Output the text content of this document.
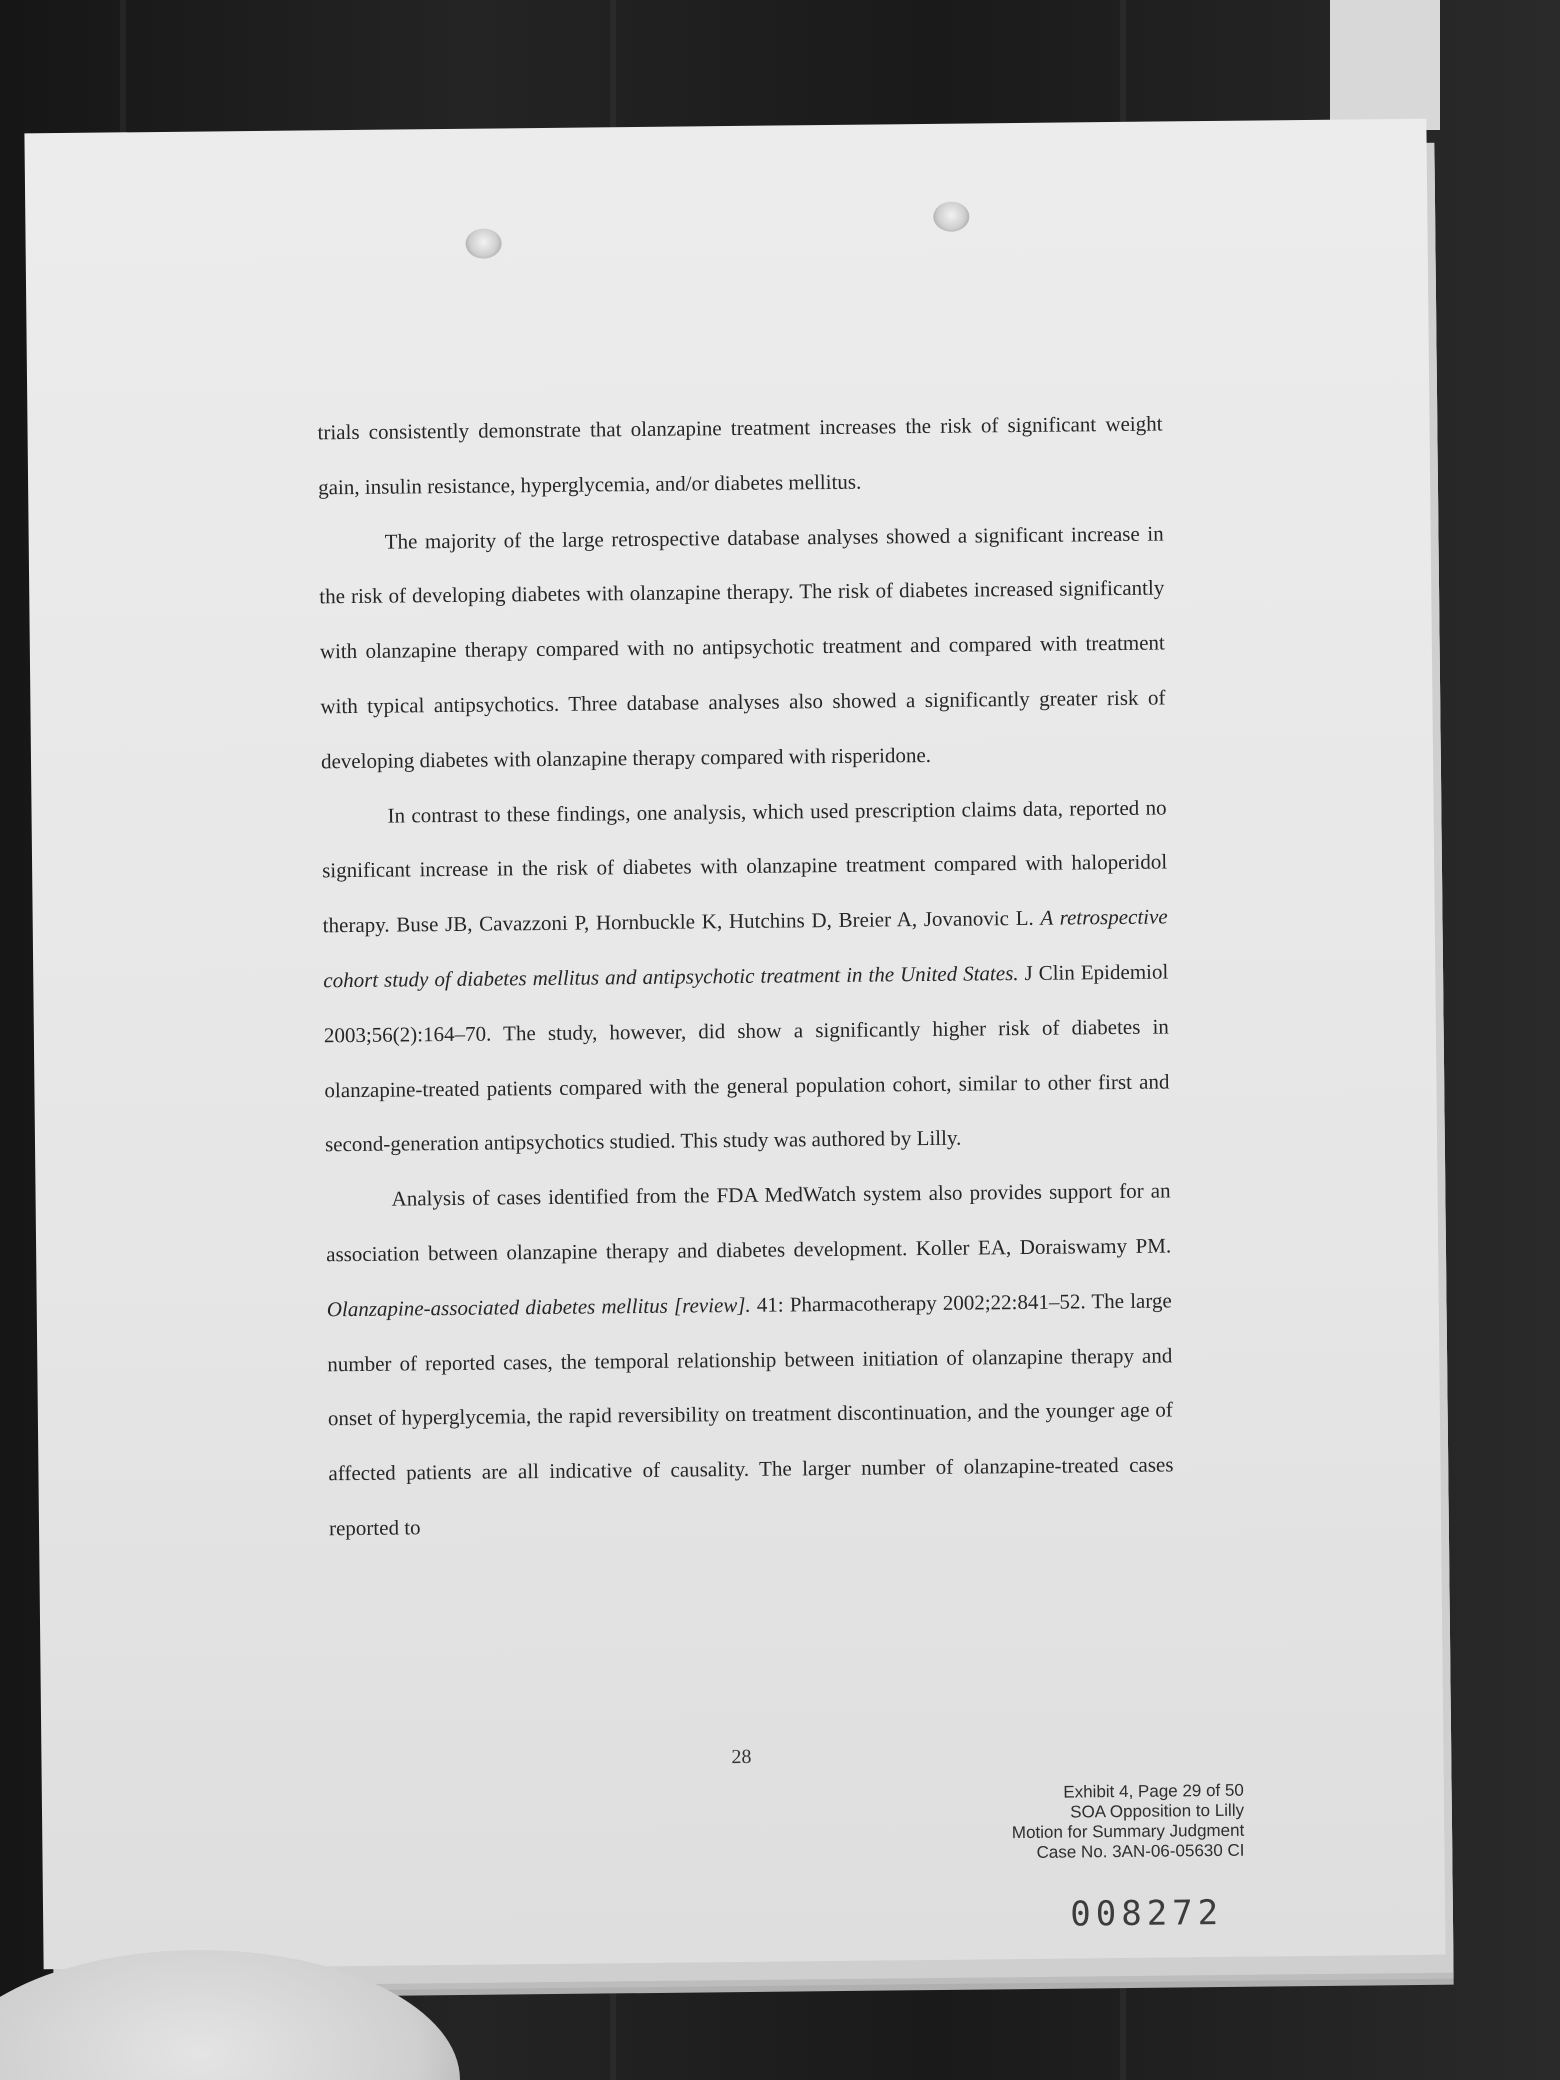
trials consistently demonstrate that olanzapine treatment increases the risk of significant weight gain, insulin resistance, hyperglycemia, and/or diabetes mellitus.

The majority of the large retrospective database analyses showed a significant increase in the risk of developing diabetes with olanzapine therapy. The risk of diabetes increased significantly with olanzapine therapy compared with no antipsychotic treatment and compared with treatment with typical antipsychotics. Three database analyses also showed a significantly greater risk of developing diabetes with olanzapine therapy compared with risperidone.

In contrast to these findings, one analysis, which used prescription claims data, reported no significant increase in the risk of diabetes with olanzapine treatment compared with haloperidol therapy. Buse JB, Cavazzoni P, Hornbuckle K, Hutchins D, Breier A, Jovanovic L. A retrospective cohort study of diabetes mellitus and antipsychotic treatment in the United States. J Clin Epidemiol 2003;56(2):164–70. The study, however, did show a significantly higher risk of diabetes in olanzapine-treated patients compared with the general population cohort, similar to other first and second-generation antipsychotics studied. This study was authored by Lilly.

Analysis of cases identified from the FDA MedWatch system also provides support for an association between olanzapine therapy and diabetes development. Koller EA, Doraiswamy PM. Olanzapine-associated diabetes mellitus [review]. 41: Pharmacotherapy 2002;22:841–52. The large number of reported cases, the temporal relationship between initiation of olanzapine therapy and onset of hyperglycemia, the rapid reversibility on treatment discontinuation, and the younger age of affected patients are all indicative of causality. The larger number of olanzapine-treated cases reported to

28
Exhibit 4, Page 29 of 50
SOA Opposition to Lilly
Motion for Summary Judgment
Case No. 3AN-06-05630 CI
008272
